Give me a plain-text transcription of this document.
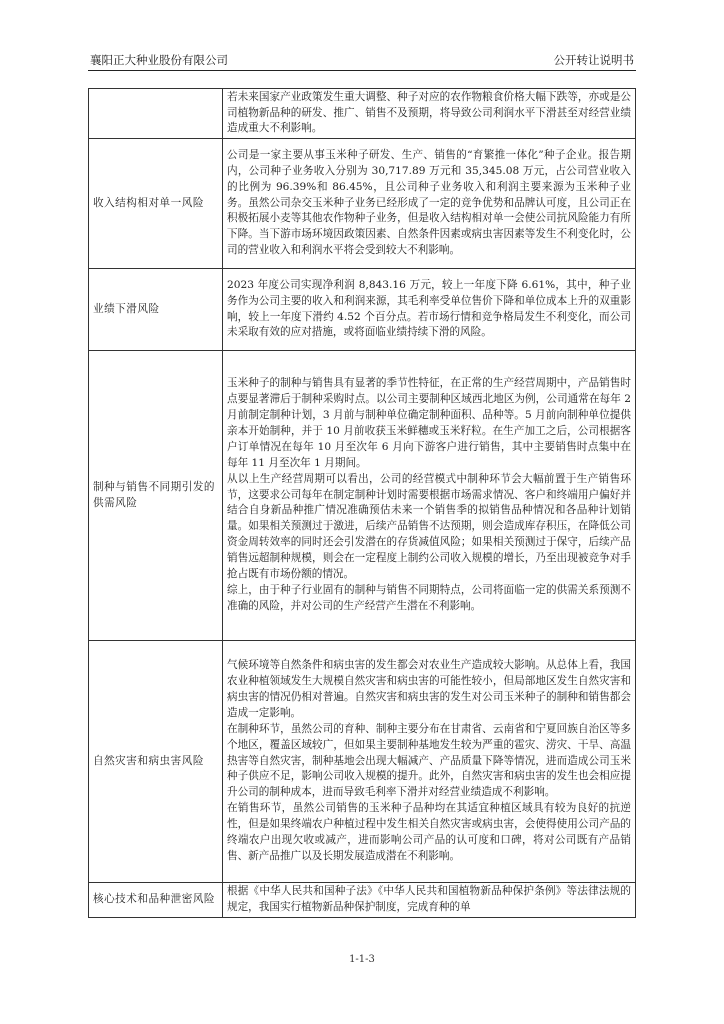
襄阳正大种业股份有限公司	公开转让说明书

	若未来国家产业政策发生重大调整、种子对应的农作物粮食价格大幅下跌等，亦或是公司植物新品种的研发、推广、销售不及预期，将导致公司利润水平下滑甚至对经营业绩造成重大不利影响。

收入结构相对单一风险	公司是一家主要从事玉米种子研发、生产、销售的“育繁推一体化”种子企业。报告期内，公司种子业务收入分别为 30,717.89 万元和 35,345.08 万元，占公司营业收入的比例为 96.39%和 86.45%，且公司种子业务收入和利润主要来源为玉米种子业务。虽然公司杂交玉米种子业务已经形成了一定的竞争优势和品牌认可度，且公司正在积极拓展小麦等其他农作物种子业务，但是收入结构相对单一会使公司抗风险能力有所下降。当下游市场环境因政策因素、自然条件因素或病虫害因素等发生不利变化时，公司的营业收入和利润水平将会受到较大不利影响。

业绩下滑风险	2023 年度公司实现净利润 8,843.16 万元，较上一年度下降 6.61%，其中，种子业务作为公司主要的收入和利润来源，其毛利率受单位售价下降和单位成本上升的双重影响，较上一年度下滑约 4.52 个百分点。若市场行情和竞争格局发生不利变化，而公司未采取有效的应对措施，或将面临业绩持续下滑的风险。

制种与销售不同期引发的供需风险	玉米种子的制种与销售具有显著的季节性特征，在正常的生产经营周期中，产品销售时点要显著滞后于制种采购时点。以公司主要制种区域西北地区为例，公司通常在每年 2 月前制定制种计划，3 月前与制种单位确定制种面积、品种等。5 月前向制种单位提供亲本开始制种，并于 10 月前收获玉米鲜穗或玉米籽粒。在生产加工之后，公司根据客户订单情况在每年 10 月至次年 6 月向下游客户进行销售，其中主要销售时点集中在每年 11 月至次年 1 月期间。

从以上生产经营周期可以看出，公司的经营模式中制种环节会大幅前置于生产销售环节，这要求公司每年在制定制种计划时需要根据市场需求情况、客户和终端用户偏好并结合自身新品种推广情况准确预估未来一个销售季的拟销售品种情况和各品种计划销量。如果相关预测过于激进，后续产品销售不达预期，则会造成库存积压，在降低公司资金周转效率的同时还会引发潜在的存货减值风险；如果相关预测过于保守，后续产品销售远超制种规模，则会在一定程度上制约公司收入规模的增长，乃至出现被竞争对手抢占既有市场份额的情况。

综上，由于种子行业固有的制种与销售不同期特点，公司将面临一定的供需关系预测不准确的风险，并对公司的生产经营产生潜在不利影响。

自然灾害和病虫害风险	气候环境等自然条件和病虫害的发生都会对农业生产造成较大影响。从总体上看，我国农业种植领域发生大规模自然灾害和病虫害的可能性较小，但局部地区发生自然灾害和病虫害的情况仍相对普遍。自然灾害和病虫害的发生对公司玉米种子的制种和销售都会造成一定影响。

在制种环节，虽然公司的育种、制种主要分布在甘肃省、云南省和宁夏回族自治区等多个地区，覆盖区域较广，但如果主要制种基地发生较为严重的雹灾、涝灾、干旱、高温热害等自然灾害，制种基地会出现大幅减产、产品质量下降等情况，进而造成公司玉米种子供应不足，影响公司收入规模的提升。此外，自然灾害和病虫害的发生也会相应提升公司的制种成本，进而导致毛利率下滑并对经营业绩造成不利影响。

在销售环节，虽然公司销售的玉米种子品种均在其适宜种植区域具有较为良好的抗逆性，但是如果终端农户种植过程中发生相关自然灾害或病虫害，会使得使用公司产品的终端农户出现欠收或减产，进而影响公司产品的认可度和口碑，将对公司既有产品销售、新产品推广以及长期发展造成潜在不利影响。

核心技术和品种泄密风险	根据《中华人民共和国种子法》《中华人民共和国植物新品种保护条例》等法律法规的规定，我国实行植物新品种保护制度，完成育种的单

1-1-3
